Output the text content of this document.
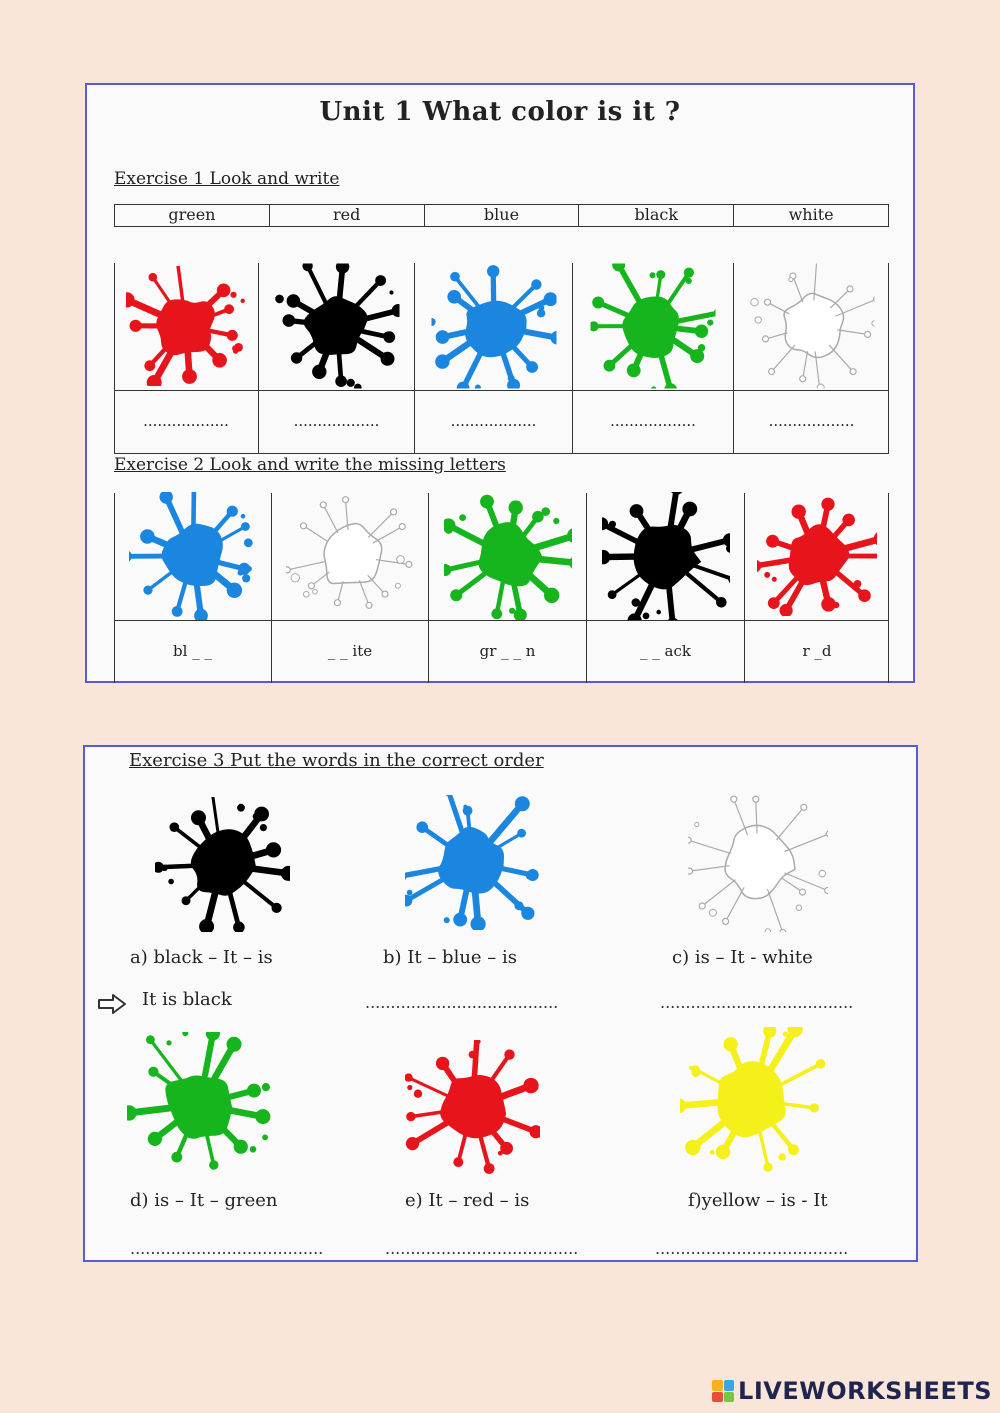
Unit 1 What color is it ?
Exercise 1 Look and write
green	red	blue	black	white
..................	..................	..................	..................	..................
Exercise 2 Look and write the missing letters
bl _ _	_ _ ite	gr _ _ n	_ _ ack	r _d
Exercise 3 Put the words in the correct order
a) black – It – is	b) It – blue – is	c) is – It - white
It is black	......................................	......................................
d) is – It – green	e) It – red – is	f)yellow – is - It
......................................	......................................	......................................
LIVEWORKSHEETS
